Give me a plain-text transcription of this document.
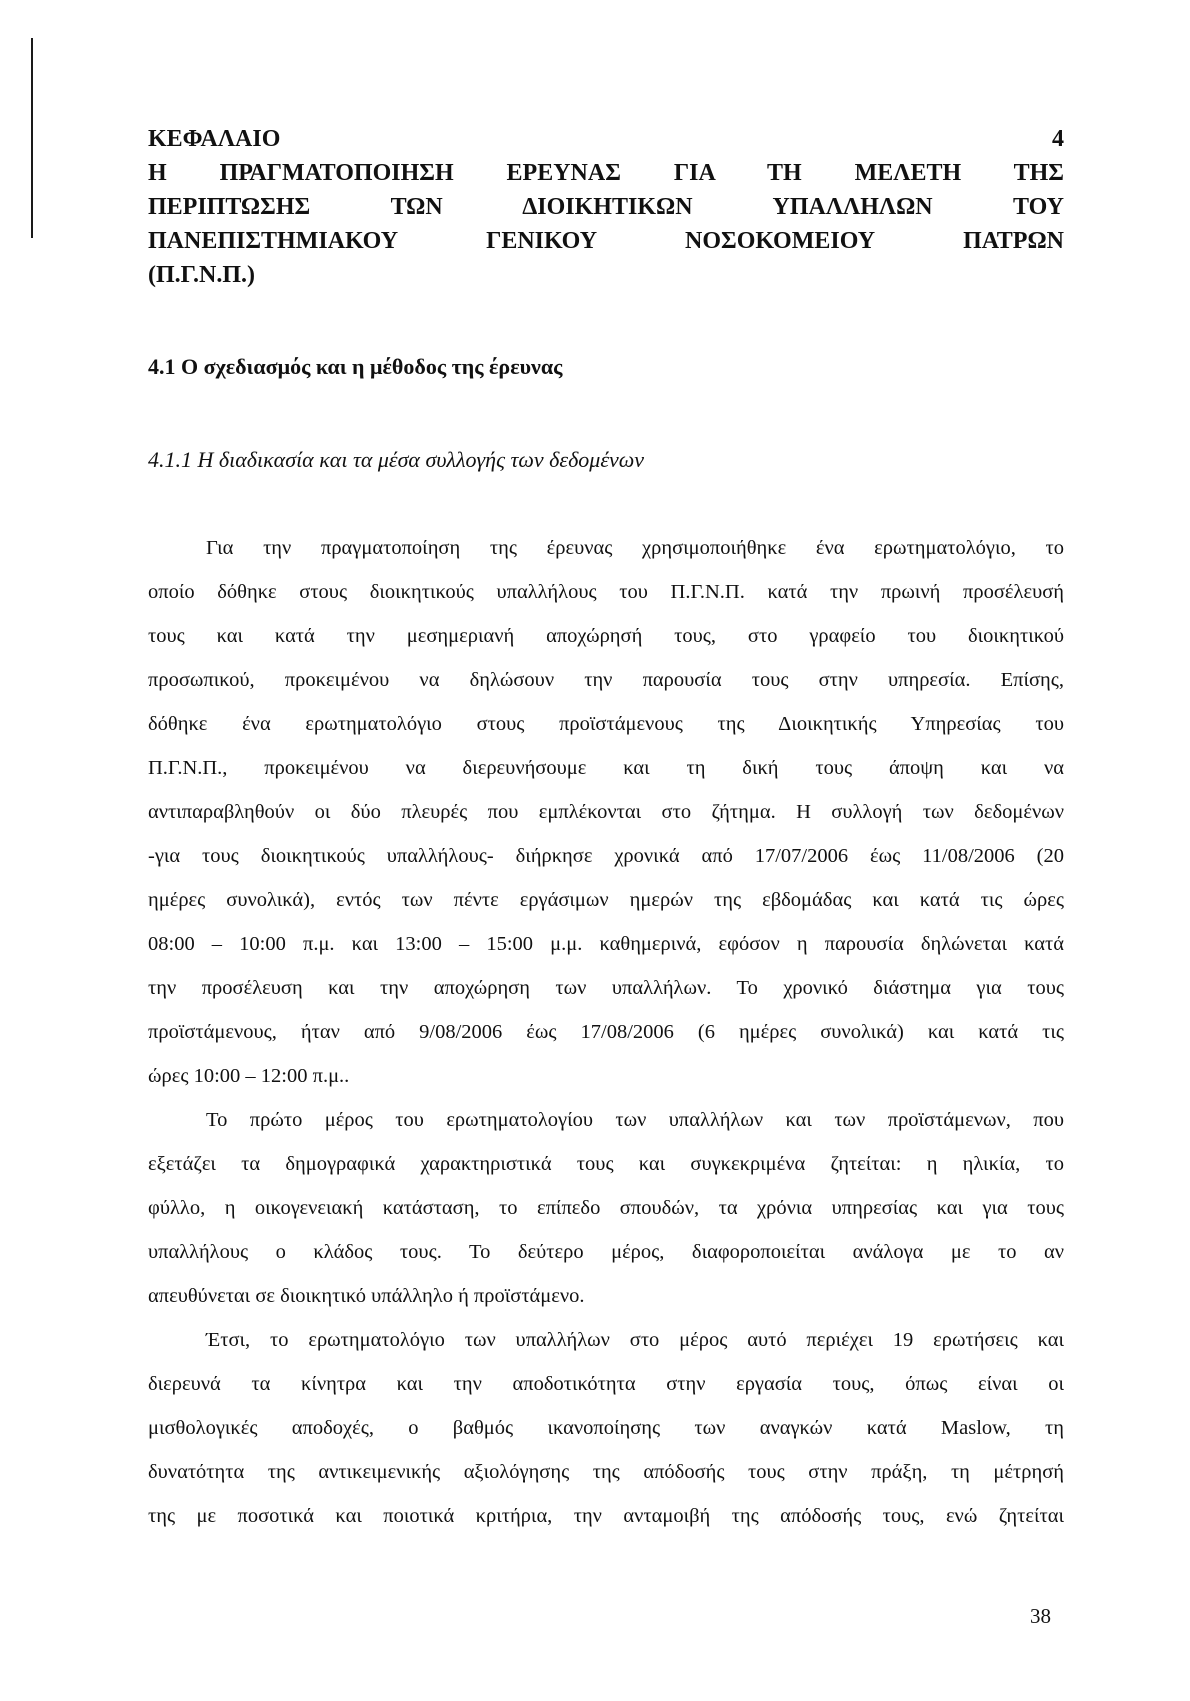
ΚΕΦΑΛΑΙΟ 4
Η ΠΡΑΓΜΑΤΟΠΟΙΗΣΗ ΕΡΕΥΝΑΣ ΓΙΑ ΤΗ ΜΕΛΕΤΗ ΤΗΣ
ΠΕΡΙΠΤΩΣΗΣ ΤΩΝ ΔΙΟΙΚΗΤΙΚΩΝ ΥΠΑΛΛΗΛΩΝ ΤΟΥ
ΠΑΝΕΠΙΣΤΗΜΙΑΚΟΥ ΓΕΝΙΚΟΥ ΝΟΣΟΚΟΜΕΙΟΥ ΠΑΤΡΩΝ
(Π.Γ.Ν.Π.)
4.1 Ο σχεδιασμός και η μέθοδος της έρευνας
4.1.1 Η διαδικασία και τα μέσα συλλογής των δεδομένων
Για την πραγματοποίηση της έρευνας χρησιμοποιήθηκε ένα ερωτηματολόγιο, το
οποίο δόθηκε στους διοικητικούς υπαλλήλους του Π.Γ.Ν.Π. κατά την πρωινή προσέλευσή
τους και κατά την μεσημεριανή αποχώρησή τους, στο γραφείο του διοικητικού
προσωπικού, προκειμένου να δηλώσουν την παρουσία τους στην υπηρεσία. Επίσης,
δόθηκε ένα ερωτηματολόγιο στους προϊστάμενους της Διοικητικής Υπηρεσίας του
Π.Γ.Ν.Π., προκειμένου να διερευνήσουμε και τη δική τους άποψη και να
αντιπαραβληθούν οι δύο πλευρές που εμπλέκονται στο ζήτημα. Η συλλογή των δεδομένων
-για τους διοικητικούς υπαλλήλους- διήρκησε χρονικά από 17/07/2006 έως 11/08/2006 (20
ημέρες συνολικά), εντός των πέντε εργάσιμων ημερών της εβδομάδας και κατά τις ώρες
08:00 – 10:00 π.μ. και 13:00 – 15:00 μ.μ. καθημερινά, εφόσον η παρουσία δηλώνεται κατά
την προσέλευση και την αποχώρηση των υπαλλήλων. Το χρονικό διάστημα για τους
προϊστάμενους, ήταν από 9/08/2006 έως 17/08/2006 (6 ημέρες συνολικά) και κατά τις
ώρες 10:00 – 12:00 π.μ..
Το πρώτο μέρος του ερωτηματολογίου των υπαλλήλων και των προϊστάμενων, που
εξετάζει τα δημογραφικά χαρακτηριστικά τους και συγκεκριμένα ζητείται: η ηλικία, το
φύλλο, η οικογενειακή κατάσταση, το επίπεδο σπουδών, τα χρόνια υπηρεσίας και για τους
υπαλλήλους ο κλάδος τους. Το δεύτερο μέρος, διαφοροποιείται ανάλογα με το αν
απευθύνεται σε διοικητικό υπάλληλο ή προϊστάμενο.
Έτσι, το ερωτηματολόγιο των υπαλλήλων στο μέρος αυτό περιέχει 19 ερωτήσεις και
διερευνά τα κίνητρα και την αποδοτικότητα στην εργασία τους, όπως είναι οι
μισθολογικές αποδοχές, ο βαθμός ικανοποίησης των αναγκών κατά Maslow, τη
δυνατότητα της αντικειμενικής αξιολόγησης της απόδοσής τους στην πράξη, τη μέτρησή
της με ποσοτικά και ποιοτικά κριτήρια, την ανταμοιβή της απόδοσής τους, ενώ ζητείται
38
